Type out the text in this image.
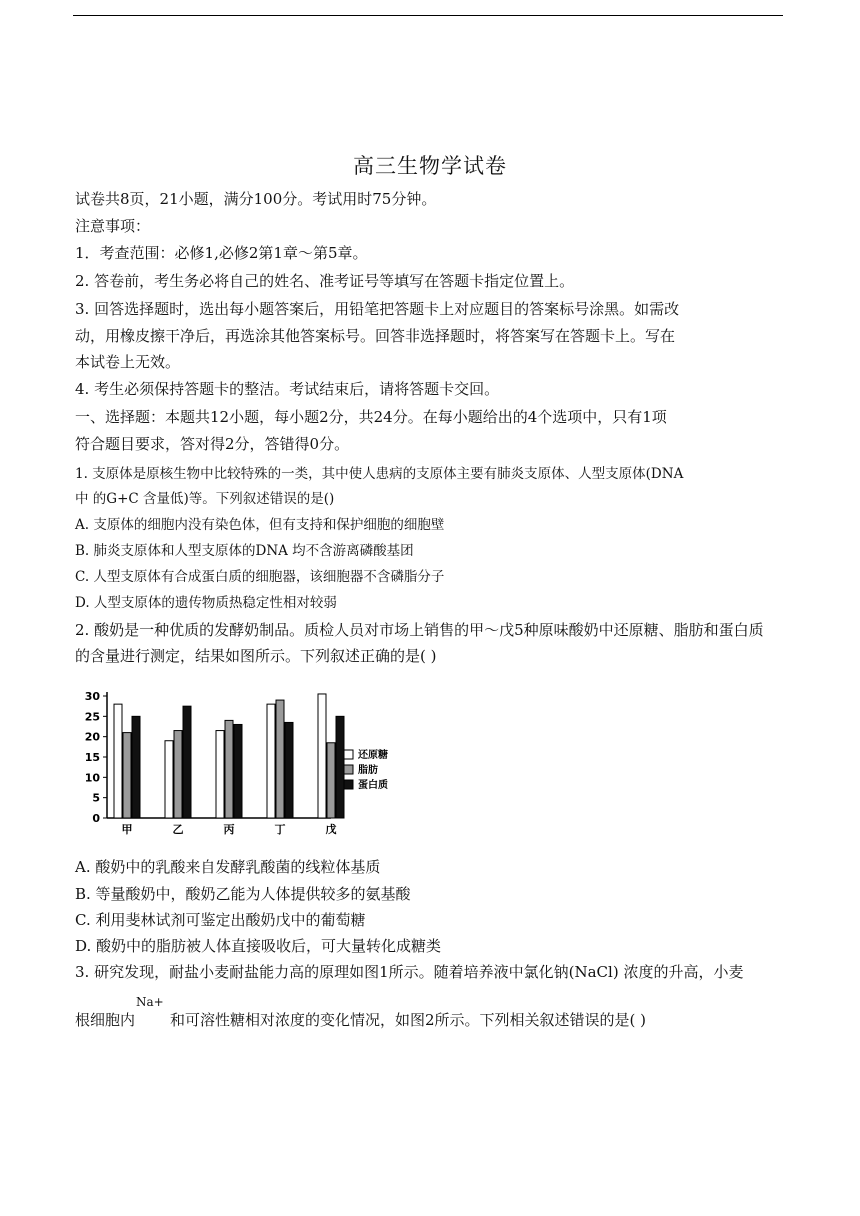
高三生物学试卷
试卷共8页，21小题，满分100分。考试用时75分钟。
注意事项：
1．考查范围：必修1,必修2第1章～第5章。
2. 答卷前，考生务必将自己的姓名、准考证号等填写在答题卡指定位置上。
3. 回答选择题时，选出每小题答案后，用铅笔把答题卡上对应题目的答案标号涂黑。如需改
动，用橡皮擦干净后，再选涂其他答案标号。回答非选择题时，将答案写在答题卡上。写在
本试卷上无效。
4. 考生必须保持答题卡的整洁。考试结束后，请将答题卡交回。
一、选择题：本题共12小题，每小题2分，共24分。在每小题给出的4个选项中，只有1项
符合题目要求，答对得2分，答错得0分。
1. 支原体是原核生物中比较特殊的一类，其中使人患病的支原体主要有肺炎支原体、人型支原体(DNA
中 的G+C 含量低)等。下列叙述错误的是()
A. 支原体的细胞内没有染色体，但有支持和保护细胞的细胞壁
B. 肺炎支原体和人型支原体的DNA 均不含游离磷酸基团
C. 人型支原体有合成蛋白质的细胞器，该细胞器不含磷脂分子
D. 人型支原体的遗传物质热稳定性相对较弱
2. 酸奶是一种优质的发酵奶制品。质检人员对市场上销售的甲～戊5种原味酸奶中还原糖、脂肪和蛋白质
的含量进行测定，结果如图所示。下列叙述正确的是( )
0
5
10
15
20
25
30
甲	乙	丙	丁	戊
还原糖
脂肪
蛋白质
A. 酸奶中的乳酸来自发酵乳酸菌的线粒体基质
B. 等量酸奶中，酸奶乙能为人体提供较多的氨基酸
C. 利用斐林试剂可鉴定出酸奶戊中的葡萄糖
D. 酸奶中的脂肪被人体直接吸收后，可大量转化成糖类
3. 研究发现，耐盐小麦耐盐能力高的原理如图1所示。随着培养液中氯化钠(NaCl) 浓度的升高，小麦
Na+
根细胞内 和可溶性糖相对浓度的变化情况，如图2所示。下列相关叙述错误的是( )
